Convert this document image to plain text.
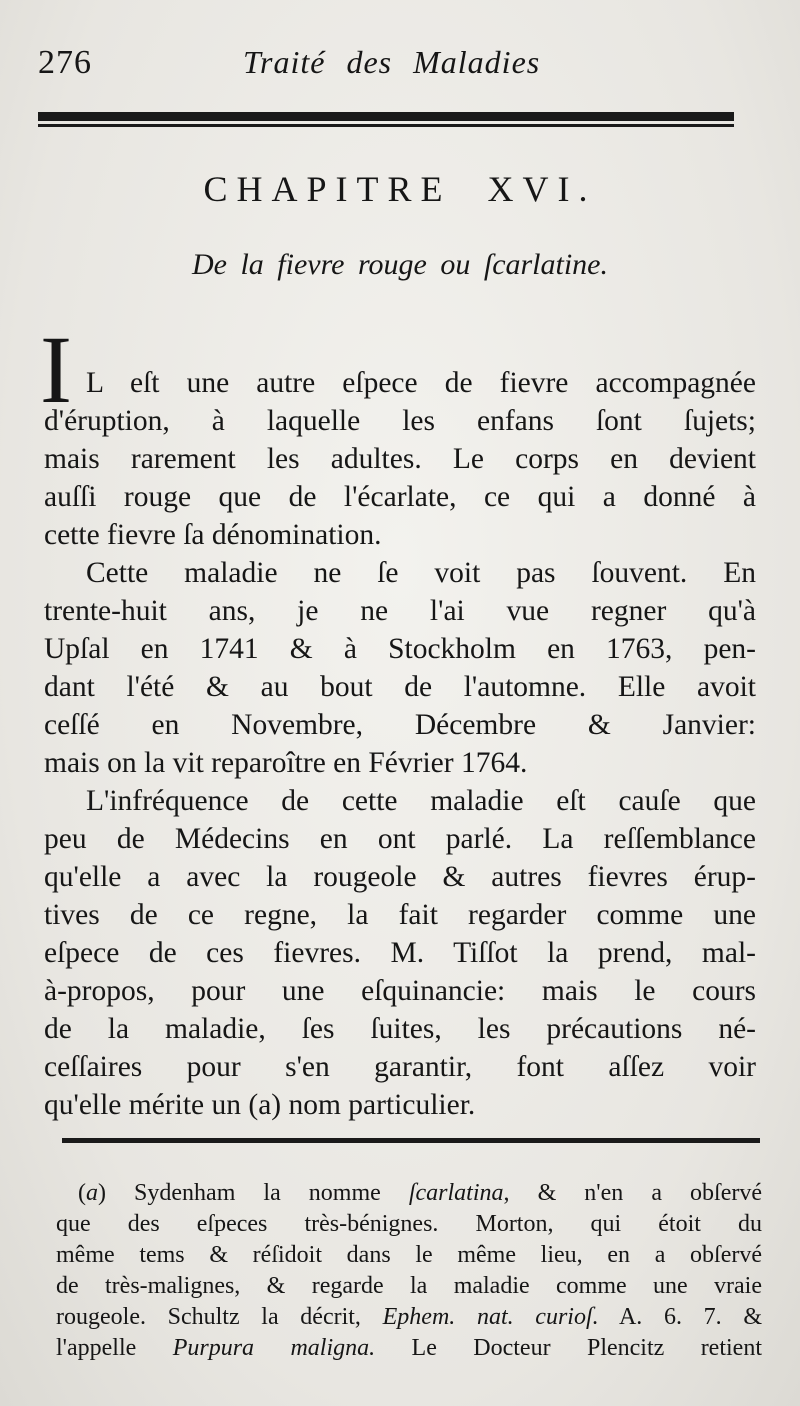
276	Traité des Maladies
CHAPITRE XVI.
De la fievre rouge ou ſcarlatine.
I L eſt une autre eſpece de fievre accompagnée
d'éruption, à laquelle les enfans ſont ſujets;
mais rarement les adultes. Le corps en devient
auſſi rouge que de l'écarlate, ce qui a donné à
cette fievre ſa dénomination.
Cette maladie ne ſe voit pas ſouvent. En
trente-huit ans, je ne l'ai vue regner qu'à
Upſal en 1741 & à Stockholm en 1763, pen-
dant l'été & au bout de l'automne. Elle avoit
ceſſé en Novembre, Décembre & Janvier:
mais on la vit reparoître en Février 1764.
L'infréquence de cette maladie eſt cauſe que
peu de Médecins en ont parlé. La reſſemblance
qu'elle a avec la rougeole & autres fievres érup-
tives de ce regne, la fait regarder comme une
eſpece de ces fievres. M. Tiſſot la prend, mal-
à-propos, pour une eſquinancie: mais le cours
de la maladie, ſes ſuites, les précautions né-
ceſſaires pour s'en garantir, font aſſez voir
qu'elle mérite un (a) nom particulier.
(a) Sydenham la nomme ſcarlatina, & n'en a obſervé
que des eſpeces très-bénignes. Morton, qui étoit du
même tems & réſidoit dans le même lieu, en a obſervé
de très-malignes, & regarde la maladie comme une vraie
rougeole. Schultz la décrit, Ephem. nat. curioſ. A. 6. 7. &
l'appelle Purpura maligna. Le Docteur Plencitz retient
